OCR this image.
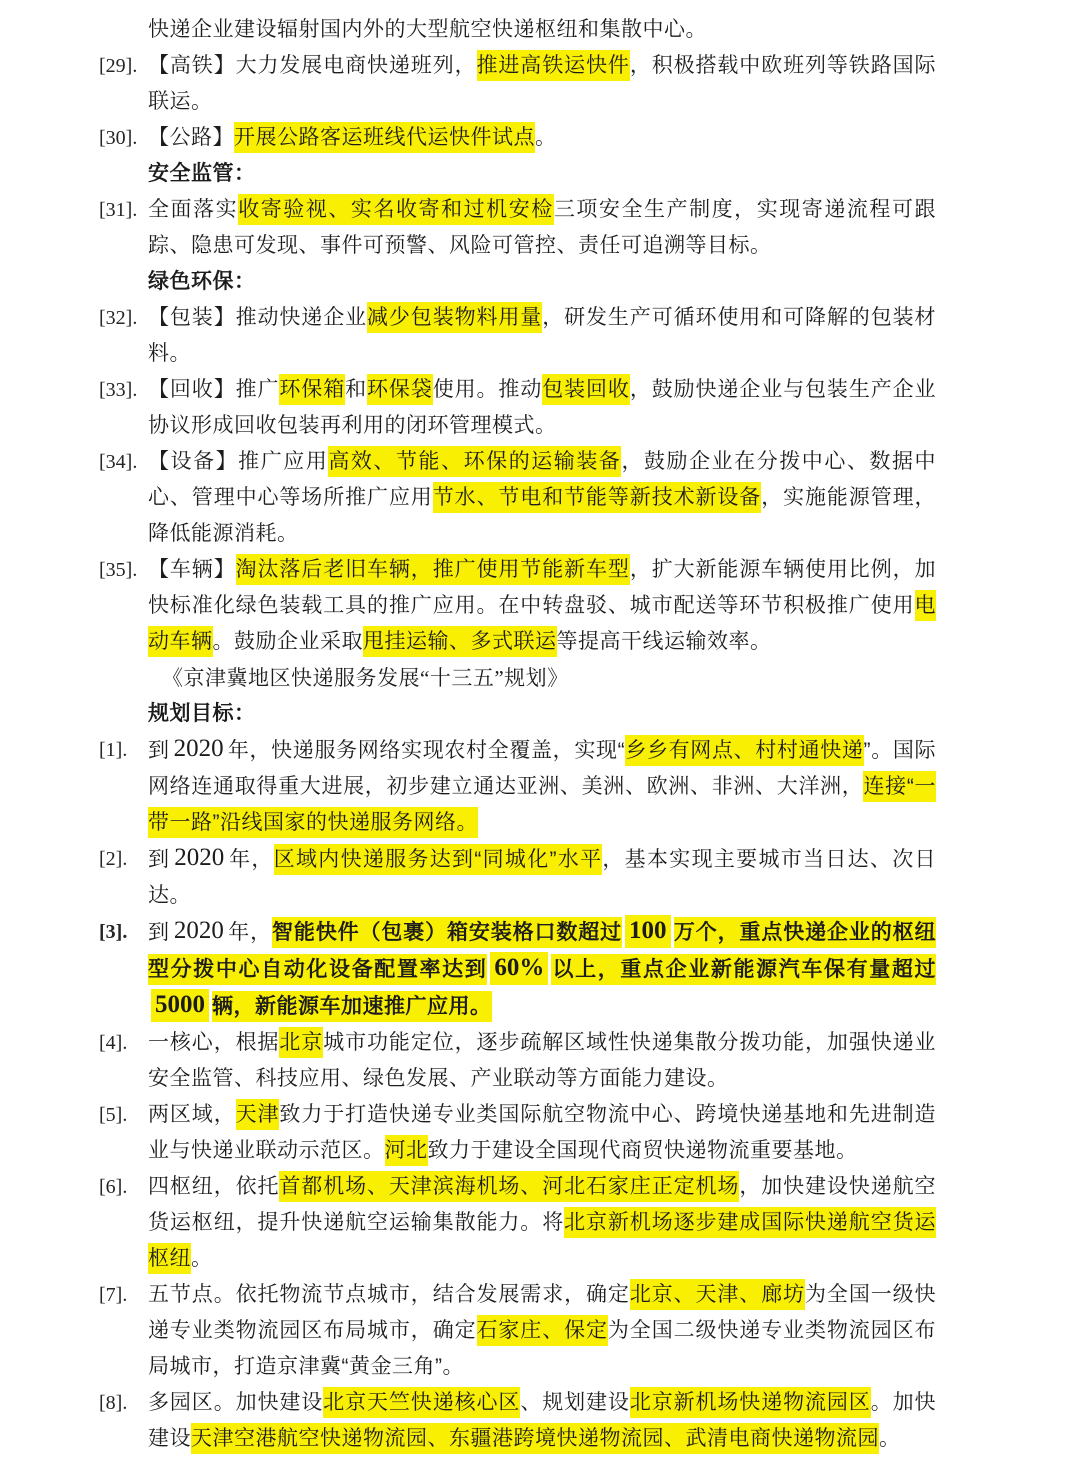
快递企业建设辐射国内外的大型航空快递枢纽和集散中心。
[29]. 【高铁】大力发展电商快递班列，推进高铁运快件，积极搭载中欧班列等铁路国际联运。
[30]. 【公路】开展公路客运班线代运快件试点。
安全监管：
[31]. 全面落实收寄验视、实名收寄和过机安检三项安全生产制度，实现寄递流程可跟踪、隐患可发现、事件可预警、风险可管控、责任可追溯等目标。
绿色环保：
[32]. 【包装】推动快递企业减少包装物料用量，研发生产可循环使用和可降解的包装材料。
[33]. 【回收】推广环保箱和环保袋使用。推动包装回收，鼓励快递企业与包装生产企业协议形成回收包装再利用的闭环管理模式。
[34]. 【设备】推广应用高效、节能、环保的运输装备，鼓励企业在分拨中心、数据中心、管理中心等场所推广应用节水、节电和节能等新技术新设备，实施能源管理，降低能源消耗。
[35]. 【车辆】淘汰落后老旧车辆，推广使用节能新车型，扩大新能源车辆使用比例，加快标准化绿色装载工具的推广应用。在中转盘驳、城市配送等环节积极推广使用电动车辆。鼓励企业采取甩挂运输、多式联运等提高干线运输效率。
《京津冀地区快递服务发展“十三五”规划》
规划目标：
[1]. 到 2020 年，快递服务网络实现农村全覆盖，实现“乡乡有网点、村村通快递”。国际网络连通取得重大进展，初步建立通达亚洲、美洲、欧洲、非洲、大洋洲，连接“一带一路”沿线国家的快递服务网络。
[2]. 到 2020 年，区域内快递服务达到“同城化”水平，基本实现主要城市当日达、次日达。
[3]. 到 2020 年，智能快件（包裹）箱安装格口数超过 100 万个，重点快递企业的枢纽型分拨中心自动化设备配置率达到 60% 以上，重点企业新能源汽车保有量超过5000 辆，新能源车加速推广应用。
[4]. 一核心，根据北京城市功能定位，逐步疏解区域性快递集散分拨功能，加强快递业安全监管、科技应用、绿色发展、产业联动等方面能力建设。
[5]. 两区域，天津致力于打造快递专业类国际航空物流中心、跨境快递基地和先进制造业与快递业联动示范区。河北致力于建设全国现代商贸快递物流重要基地。
[6]. 四枢纽，依托首都机场、天津滨海机场、河北石家庄正定机场，加快建设快递航空货运枢纽，提升快递航空运输集散能力。将北京新机场逐步建成国际快递航空货运枢纽。
[7]. 五节点。依托物流节点城市，结合发展需求，确定北京、天津、廊坊为全国一级快递专业类物流园区布局城市，确定石家庄、保定为全国二级快递专业类物流园区布局城市，打造京津冀“黄金三角”。
[8]. 多园区。加快建设北京天竺快递核心区、规划建设北京新机场快递物流园区。加快建设天津空港航空快递物流园、东疆港跨境快递物流园、武清电商快递物流园。
